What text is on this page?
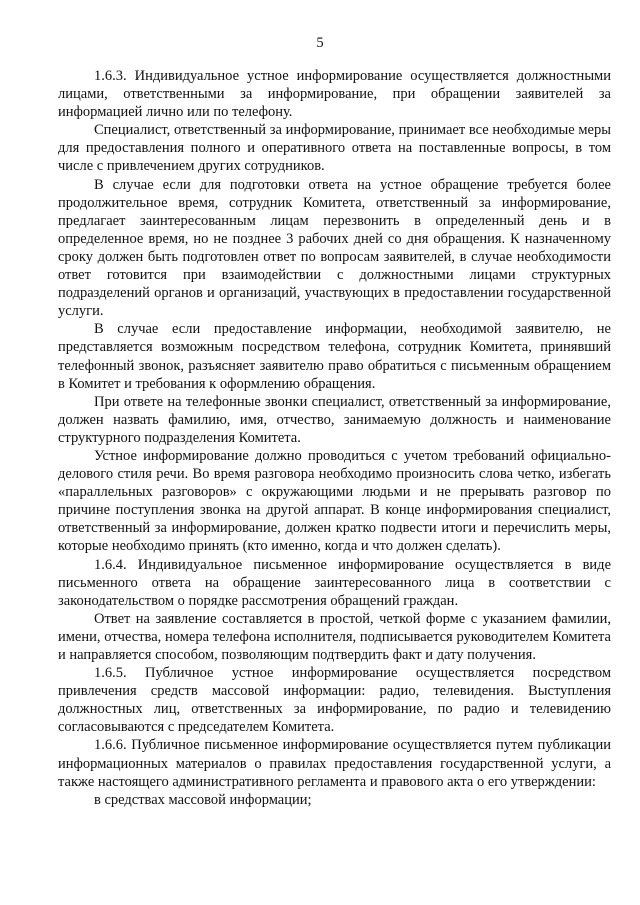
5

1.6.3. Индивидуальное устное информирование осуществляется должностными лицами, ответственными за информирование, при обращении заявителей за информацией лично или по телефону.

Специалист, ответственный за информирование, принимает все необходимые меры для предоставления полного и оперативного ответа на поставленные вопросы, в том числе с привлечением других сотрудников.

В случае если для подготовки ответа на устное обращение требуется более продолжительное время, сотрудник Комитета, ответственный за информирование, предлагает заинтересованным лицам перезвонить в определенный день и в определенное время, но не позднее 3 рабочих дней со дня обращения. К назначенному сроку должен быть подготовлен ответ по вопросам заявителей, в случае необходимости ответ готовится при взаимодействии с должностными лицами структурных подразделений органов и организаций, участвующих в предоставлении государственной услуги.

В случае если предоставление информации, необходимой заявителю, не представляется возможным посредством телефона, сотрудник Комитета, принявший телефонный звонок, разъясняет заявителю право обратиться с письменным обращением в Комитет и требования к оформлению обращения.

При ответе на телефонные звонки специалист, ответственный за информирование, должен назвать фамилию, имя, отчество, занимаемую должность и наименование структурного подразделения Комитета.

Устное информирование должно проводиться с учетом требований официально-делового стиля речи. Во время разговора необходимо произносить слова четко, избегать «параллельных разговоров» с окружающими людьми и не прерывать разговор по причине поступления звонка на другой аппарат. В конце информирования специалист, ответственный за информирование, должен кратко подвести итоги и перечислить меры, которые необходимо принять (кто именно, когда и что должен сделать).

1.6.4. Индивидуальное письменное информирование осуществляется в виде письменного ответа на обращение заинтересованного лица в соответствии с законодательством о порядке рассмотрения обращений граждан.

Ответ на заявление составляется в простой, четкой форме с указанием фамилии, имени, отчества, номера телефона исполнителя, подписывается руководителем Комитета и направляется способом, позволяющим подтвердить факт и дату получения.

1.6.5. Публичное устное информирование осуществляется посредством привлечения средств массовой информации: радио, телевидения. Выступления должностных лиц, ответственных за информирование, по радио и телевидению согласовываются с председателем Комитета.

1.6.6. Публичное письменное информирование осуществляется путем публикации информационных материалов о правилах предоставления государственной услуги, а также настоящего административного регламента и правового акта о его утверждении:

в средствах массовой информации;
